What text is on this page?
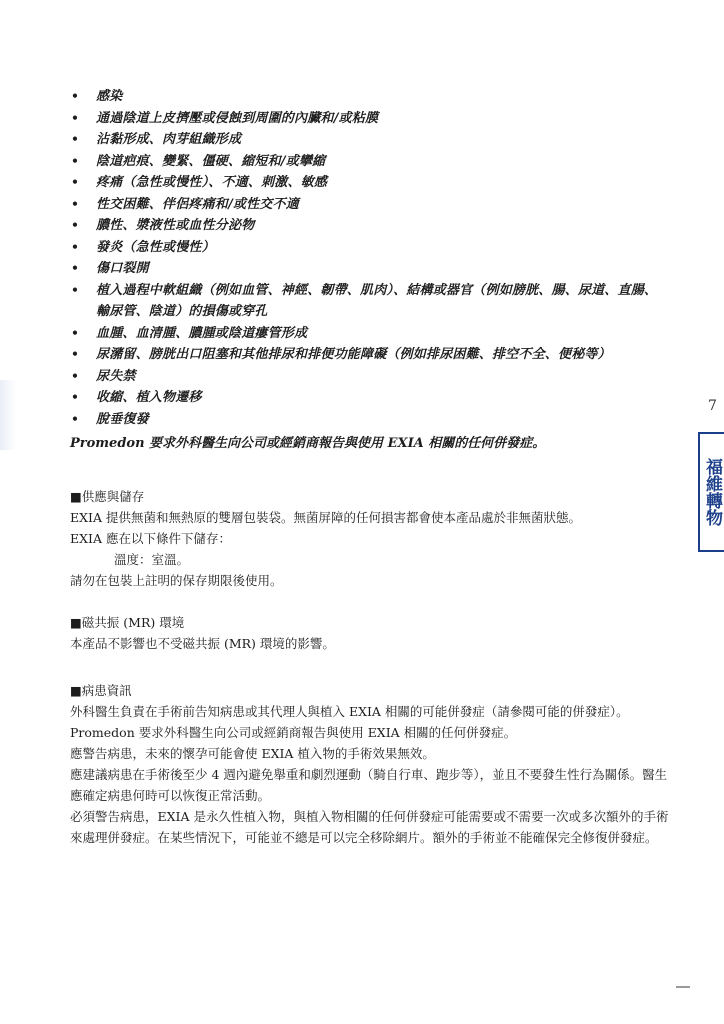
• 感染
• 通過陰道上皮擠壓或侵蝕到周圍的內臟和/或粘膜
• 沾黏形成、肉芽組織形成
• 陰道疤痕、變緊、僵硬、縮短和/或攣縮
• 疼痛（急性或慢性）、不適、刺激、敏感
• 性交困難、伴侶疼痛和/或性交不適
• 膿性、漿液性或血性分泌物
• 發炎（急性或慢性）
• 傷口裂開
• 植入過程中軟組織（例如血管、神經、韌帶、肌肉）、結構或器官（例如膀胱、腸、尿道、直腸、輸尿管、陰道）的損傷或穿孔
• 血腫、血清腫、膿腫或陰道瘻管形成
• 尿瀦留、膀胱出口阻塞和其他排尿和排便功能障礙（例如排尿困難、排空不全、便秘等）
• 尿失禁
• 收縮、植入物遷移
• 脫垂復發
Promedon 要求外科醫生向公司或經銷商報告與使用 EXIA 相關的任何併發症。

■供應與儲存

EXIA 提供無菌和無熱原的雙層包裝袋。無菌屏障的任何損害都會使本產品處於非無菌狀態。

EXIA 應在以下條件下儲存：

溫度：室溫。

請勿在包裝上註明的保存期限後使用。

■磁共振 (MR) 環境

本產品不影響也不受磁共振 (MR) 環境的影響。

■病患資訊

外科醫生負責在手術前告知病患或其代理人與植入 EXIA 相關的可能併發症（請參閱可能的併發症）。

Promedon 要求外科醫生向公司或經銷商報告與使用 EXIA 相關的任何併發症。

應警告病患，未來的懷孕可能會使 EXIA 植入物的手術效果無效。

應建議病患在手術後至少 4 週內避免舉重和劇烈運動（騎自行車、跑步等），並且不要發生性行為關係。醫生應確定病患何時可以恢復正常活動。

必須警告病患，EXIA 是永久性植入物，與植入物相關的任何併發症可能需要或不需要一次或多次額外的手術來處理併發症。在某些情況下，可能並不總是可以完全移除網片。額外的手術並不能確保完全修復併發症。

7
福維轉物
